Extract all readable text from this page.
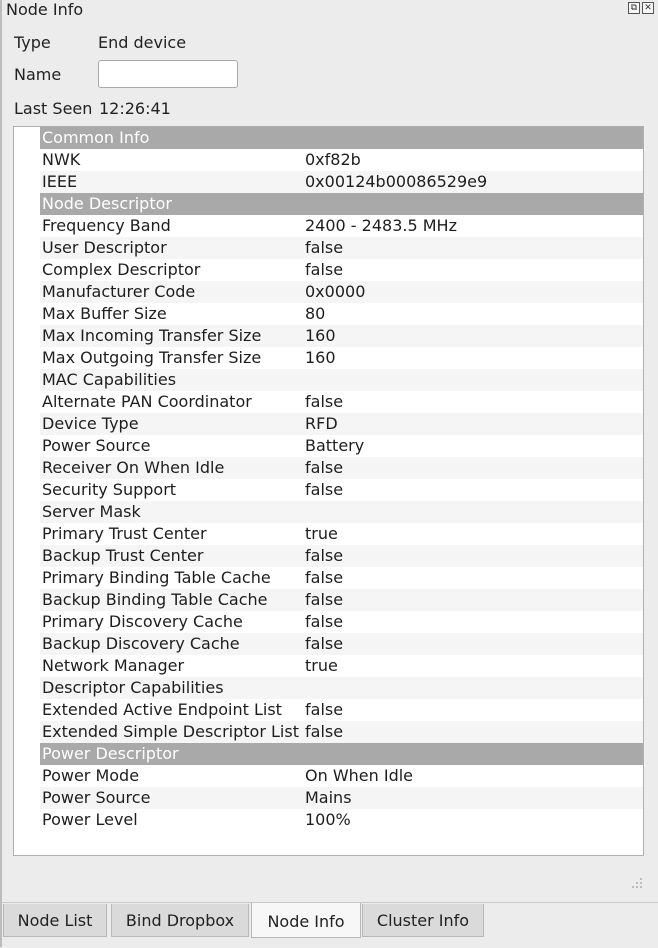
Node Info	⧉ ✕
Type	End device
Name
Last Seen 12:26:41
Common Info
NWK	0xf82b
IEEE	0x00124b00086529e9
Node Descriptor
Frequency Band	2400 - 2483.5 MHz
User Descriptor	false
Complex Descriptor	false
Manufacturer Code	0x0000
Max Buffer Size	80
Max Incoming Transfer Size	160
Max Outgoing Transfer Size	160
MAC Capabilities
Alternate PAN Coordinator	false
Device Type	RFD
Power Source	Battery
Receiver On When Idle	false
Security Support	false
Server Mask
Primary Trust Center	true
Backup Trust Center	false
Primary Binding Table Cache	false
Backup Binding Table Cache	false
Primary Discovery Cache	false
Backup Discovery Cache	false
Network Manager	true
Descriptor Capabilities
Extended Active Endpoint List	false
Extended Simple Descriptor List false
Power Descriptor
Power Mode	On When Idle
Power Source	Mains
Power Level	100%
Node List	Bind Dropbox	Node Info	Cluster Info
